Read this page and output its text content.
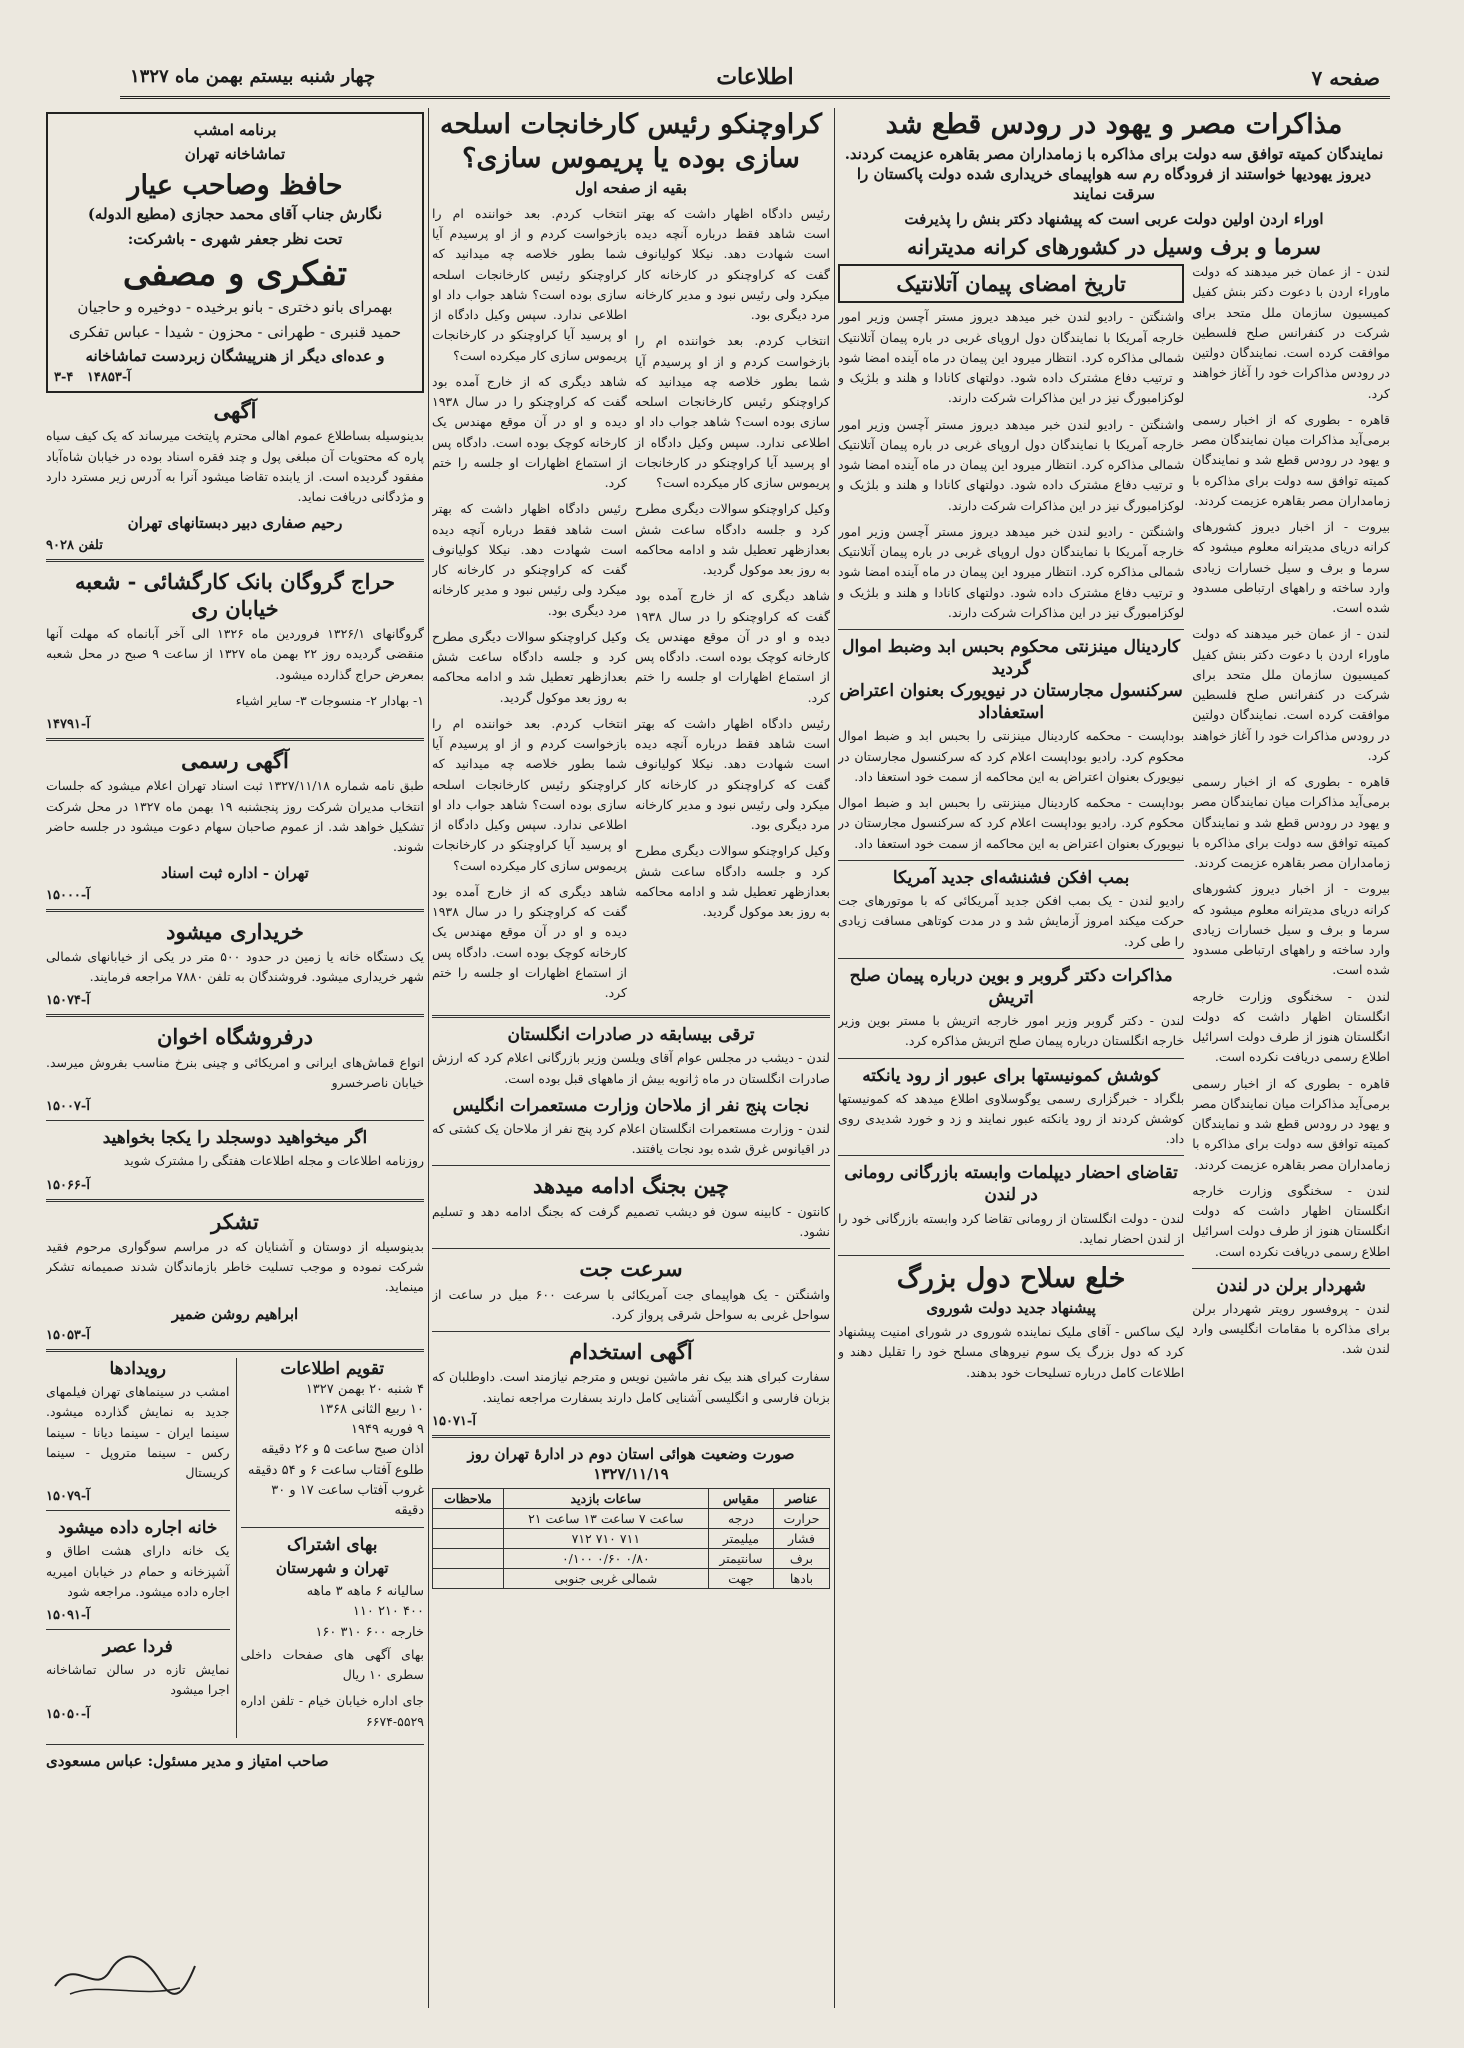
صفحه ۷
اطلاعات
چهار شنبه بیستم بهمن ماه ۱۳۲۷
مذاکرات مصر و یهود در رودس قطع شد
نمایندگان کمیته توافق سه دولت برای مذاکره با زمامداران مصر بقاهره عزیمت کردند. دیروز یهودیها خواستند از فرودگاه رم سه هواپیمای خریداری شده دولت پاکستان را سرقت نمایند
اوراء اردن اولین دولت عربی است که پیشنهاد دکتر بنش را پذیرفت
سرما و برف وسیل در کشورهای کرانه مدیترانه
لندن - از عمان خبر میدهند که دولت ماوراء اردن با دعوت دکتر بنش کفیل کمیسیون سازمان ملل متحد برای شرکت در کنفرانس صلح فلسطین موافقت کرده است. نمایندگان دولتین در رودس مذاکرات خود را آغاز خواهند کرد.
قاهره - بطوری که از اخبار رسمی برمی‌آید مذاکرات میان نمایندگان مصر و یهود در رودس قطع شد و نمایندگان کمیته توافق سه دولت برای مذاکره با زمامداران مصر بقاهره عزیمت کردند.
بیروت - از اخبار دیروز کشورهای کرانه دریای مدیترانه معلوم میشود که سرما و برف و سیل خسارات زیادی وارد ساخته و راههای ارتباطی مسدود شده است.
لندن - از عمان خبر میدهند که دولت ماوراء اردن با دعوت دکتر بنش کفیل کمیسیون سازمان ملل متحد برای شرکت در کنفرانس صلح فلسطین موافقت کرده است. نمایندگان دولتین در رودس مذاکرات خود را آغاز خواهند کرد.
قاهره - بطوری که از اخبار رسمی برمی‌آید مذاکرات میان نمایندگان مصر و یهود در رودس قطع شد و نمایندگان کمیته توافق سه دولت برای مذاکره با زمامداران مصر بقاهره عزیمت کردند.
بیروت - از اخبار دیروز کشورهای کرانه دریای مدیترانه معلوم میشود که سرما و برف و سیل خسارات زیادی وارد ساخته و راههای ارتباطی مسدود شده است.
لندن - سخنگوی وزارت خارجه انگلستان اظهار داشت که دولت انگلستان هنوز از طرف دولت اسرائیل اطلاع رسمی دریافت نکرده است.
قاهره - بطوری که از اخبار رسمی برمی‌آید مذاکرات میان نمایندگان مصر و یهود در رودس قطع شد و نمایندگان کمیته توافق سه دولت برای مذاکره با زمامداران مصر بقاهره عزیمت کردند.
لندن - سخنگوی وزارت خارجه انگلستان اظهار داشت که دولت انگلستان هنوز از طرف دولت اسرائیل اطلاع رسمی دریافت نکرده است.
شهردار برلن در لندن
لندن - پروفسور رویتر شهردار برلن برای مذاکره با مقامات انگلیسی وارد لندن شد.
تاریخ امضای پیمان آتلانتیک
واشنگتن - رادیو لندن خبر میدهد دیروز مستر آچسن وزیر امور خارجه آمریکا با نمایندگان دول اروپای غربی در باره پیمان آتلانتیک شمالی مذاکره کرد. انتظار میرود این پیمان در ماه آینده امضا شود و ترتیب دفاع مشترک داده شود. دولتهای کانادا و هلند و بلژیک و لوکزامبورگ نیز در این مذاکرات شرکت دارند.
واشنگتن - رادیو لندن خبر میدهد دیروز مستر آچسن وزیر امور خارجه آمریکا با نمایندگان دول اروپای غربی در باره پیمان آتلانتیک شمالی مذاکره کرد. انتظار میرود این پیمان در ماه آینده امضا شود و ترتیب دفاع مشترک داده شود. دولتهای کانادا و هلند و بلژیک و لوکزامبورگ نیز در این مذاکرات شرکت دارند.
واشنگتن - رادیو لندن خبر میدهد دیروز مستر آچسن وزیر امور خارجه آمریکا با نمایندگان دول اروپای غربی در باره پیمان آتلانتیک شمالی مذاکره کرد. انتظار میرود این پیمان در ماه آینده امضا شود و ترتیب دفاع مشترک داده شود. دولتهای کانادا و هلند و بلژیک و لوکزامبورگ نیز در این مذاکرات شرکت دارند.
کاردینال مینزنتی محکوم بحبس ابد وضبط اموال گردید
سرکنسول مجارستان در نیویورک بعنوان اعتراض استعفاداد
بوداپست - محکمه کاردینال مینزنتی را بحبس ابد و ضبط اموال محکوم کرد. رادیو بوداپست اعلام کرد که سرکنسول مجارستان در نیویورک بعنوان اعتراض به این محاکمه از سمت خود استعفا داد.
بوداپست - محکمه کاردینال مینزنتی را بحبس ابد و ضبط اموال محکوم کرد. رادیو بوداپست اعلام کرد که سرکنسول مجارستان در نیویورک بعنوان اعتراض به این محاکمه از سمت خود استعفا داد.
بمب افکن فشنشه‌ای جدید آمریکا
رادیو لندن - یک بمب افکن جدید آمریکائی که با موتورهای جت حرکت میکند امروز آزمایش شد و در مدت کوتاهی مسافت زیادی را طی کرد.
مذاکرات دکتر گروبر و بوین درباره پیمان صلح اتریش
لندن - دکتر گروبر وزیر امور خارجه اتریش با مستر بوین وزیر خارجه انگلستان درباره پیمان صلح اتریش مذاکره کرد.
کوشش کمونیستها برای عبور از رود یانکته
بلگراد - خبرگزاری رسمی یوگوسلاوی اطلاع میدهد که کمونیستها کوشش کردند از رود یانکته عبور نمایند و زد و خورد شدیدی روی داد.
تقاضای احضار دیپلمات وابسته بازرگانی رومانی در لندن
لندن - دولت انگلستان از رومانی تقاضا کرد وابسته بازرگانی خود را از لندن احضار نماید.
خلع سلاح دول بزرگ
پیشنهاد جدید دولت شوروی
لیک ساکس - آقای ملیک نماینده شوروی در شورای امنیت پیشنهاد کرد که دول بزرگ یک سوم نیروهای مسلح خود را تقلیل دهند و اطلاعات کامل درباره تسلیحات خود بدهند.
کراوچنکو رئیس کارخانجات اسلحه سازی بوده یا پریموس سازی؟
بقیه از صفحه اول
رئیس دادگاه اظهار داشت که بهتر است شاهد فقط درباره آنچه دیده است شهادت دهد. نیکلا کولیانوف گفت که کراوچنکو در کارخانه کار میکرد ولی رئیس نبود و مدیر کارخانه مرد دیگری بود.
انتخاب کردم. بعد خواننده ام را بازخواست کردم و از او پرسیدم آیا شما بطور خلاصه چه میدانید که کراوچنکو رئیس کارخانجات اسلحه سازی بوده است؟ شاهد جواب داد او اطلاعی ندارد. سپس وکیل دادگاه از او پرسید آیا کراوچنکو در کارخانجات پریموس سازی کار میکرده است؟
وکیل کراوچنکو سوالات دیگری مطرح کرد و جلسه دادگاه ساعت شش بعدازظهر تعطیل شد و ادامه محاکمه به روز بعد موکول گردید.
شاهد دیگری که از خارج آمده بود گفت که کراوچنکو را در سال ۱۹۳۸ دیده و او در آن موقع مهندس یک کارخانه کوچک بوده است. دادگاه پس از استماع اظهارات او جلسه را ختم کرد.
رئیس دادگاه اظهار داشت که بهتر است شاهد فقط درباره آنچه دیده است شهادت دهد. نیکلا کولیانوف گفت که کراوچنکو در کارخانه کار میکرد ولی رئیس نبود و مدیر کارخانه مرد دیگری بود.
وکیل کراوچنکو سوالات دیگری مطرح کرد و جلسه دادگاه ساعت شش بعدازظهر تعطیل شد و ادامه محاکمه به روز بعد موکول گردید.
انتخاب کردم. بعد خواننده ام را بازخواست کردم و از او پرسیدم آیا شما بطور خلاصه چه میدانید که کراوچنکو رئیس کارخانجات اسلحه سازی بوده است؟ شاهد جواب داد او اطلاعی ندارد. سپس وکیل دادگاه از او پرسید آیا کراوچنکو در کارخانجات پریموس سازی کار میکرده است؟
شاهد دیگری که از خارج آمده بود گفت که کراوچنکو را در سال ۱۹۳۸ دیده و او در آن موقع مهندس یک کارخانه کوچک بوده است. دادگاه پس از استماع اظهارات او جلسه را ختم کرد.
رئیس دادگاه اظهار داشت که بهتر است شاهد فقط درباره آنچه دیده است شهادت دهد. نیکلا کولیانوف گفت که کراوچنکو در کارخانه کار میکرد ولی رئیس نبود و مدیر کارخانه مرد دیگری بود.
وکیل کراوچنکو سوالات دیگری مطرح کرد و جلسه دادگاه ساعت شش بعدازظهر تعطیل شد و ادامه محاکمه به روز بعد موکول گردید.
انتخاب کردم. بعد خواننده ام را بازخواست کردم و از او پرسیدم آیا شما بطور خلاصه چه میدانید که کراوچنکو رئیس کارخانجات اسلحه سازی بوده است؟ شاهد جواب داد او اطلاعی ندارد. سپس وکیل دادگاه از او پرسید آیا کراوچنکو در کارخانجات پریموس سازی کار میکرده است؟
شاهد دیگری که از خارج آمده بود گفت که کراوچنکو را در سال ۱۹۳۸ دیده و او در آن موقع مهندس یک کارخانه کوچک بوده است. دادگاه پس از استماع اظهارات او جلسه را ختم کرد.
ترقی بیسابقه در صادرات انگلستان
لندن - دیشب در مجلس عوام آقای ویلسن وزیر بازرگانی اعلام کرد که ارزش صادرات انگلستان در ماه ژانویه بیش از ماههای قبل بوده است.
نجات پنج نفر از ملاحان وزارت مستعمرات انگلیس
لندن - وزارت مستعمرات انگلستان اعلام کرد پنج نفر از ملاحان یک کشتی که در اقیانوس غرق شده بود نجات یافتند.
چین بجنگ ادامه میدهد
کانتون - کابینه سون فو دیشب تصمیم گرفت که بجنگ ادامه دهد و تسلیم نشود.
سرعت جت
واشنگتن - یک هواپیمای جت آمریکائی با سرعت ۶۰۰ میل در ساعت از سواحل غربی به سواحل شرقی پرواز کرد.
آگهی استخدام
سفارت کبرای هند بیک نفر ماشین نویس و مترجم نیازمند است. داوطلبان که بزبان فارسی و انگلیسی آشنایی کامل دارند بسفارت مراجعه نمایند.
آ-۱۵۰۷۱
صورت وضعیت هوائی استان دوم در ادارهٔ تهران روز ۱۳۲۷/۱۱/۱۹
عناصر	مقیاس	ساعات بازدید	ملاحظات
حرارت	درجه	ساعت ۷ ساعت ۱۳ ساعت ۲۱	
فشار	میلیمتر	۷۱۱ ۷۱۰ ۷۱۲	
برف	سانتیمتر	۰/۸۰ ۰/۶۰ ۰/۱۰۰	
بادها	جهت	شمالی غربی جنوبی	
برنامه امشب
تماشاخانه تهران
حافظ وصاحب عیار
نگارش جناب آقای محمد حجازی (مطیع الدوله)
تحت نظر جعفر شهری - باشرکت:
تفکری و مصفی
بهمرای بانو دختری - بانو برخیده - دوخیره و حاجیان
حمید قنبری - طهرانی - محزون - شیدا - عباس تفکری
و عده‌ای دیگر از هنرپیشگان زبردست تماشاخانه
۳-۴ آ-۱۴۸۵۳
آگهی
بدینوسیله بساطلاع عموم اهالی محترم پایتخت میرساند که یک کیف سیاه پاره که محتویات آن مبلغی پول و چند فقره اسناد بوده در خیابان شاه‌آباد مفقود گردیده است. از یابنده تقاضا میشود آنرا به آدرس زیر مسترد دارد و مژدگانی دریافت نماید.
رحیم صفاری دبیر دبستانهای تهران
تلفن ۹۰۲۸
حراج گروگان بانک کارگشائی - شعبه خیابان ری
گروگانهای ۱۳۲۶/۱ فروردین ماه ۱۳۲۶ الی آخر آبانماه که مهلت آنها منقضی گردیده روز ۲۲ بهمن ماه ۱۳۲۷ از ساعت ۹ صبح در محل شعبه بمعرض حراج گذارده میشود.
۱- بهادار ۲- منسوجات ۳- سایر اشیاء
آ-۱۴۷۹۱
آگهی رسمی
طبق نامه شماره ۱۳۲۷/۱۱/۱۸ ثبت اسناد تهران اعلام میشود که جلسات انتخاب مدیران شرکت روز پنجشنبه ۱۹ بهمن ماه ۱۳۲۷ در محل شرکت تشکیل خواهد شد. از عموم صاحبان سهام دعوت میشود در جلسه حاضر شوند.
تهران - اداره ثبت اسناد
آ-۱۵۰۰۰
خریداری میشود
یک دستگاه خانه یا زمین در حدود ۵۰۰ متر در یکی از خیابانهای شمالی شهر خریداری میشود. فروشندگان به تلفن ۷۸۸۰ مراجعه فرمایند.
آ-۱۵۰۷۴
درفروشگاه اخوان
انواع قماش‌های ایرانی و امریکائی و چینی بنرخ مناسب بفروش میرسد. خیابان ناصرخسرو
آ-۱۵۰۰۷
اگر میخواهید دوسجلد را یکجا بخواهید
روزنامه اطلاعات و مجله اطلاعات هفتگی را مشترک شوید
آ-۱۵۰۶۶
تشکر
بدینوسیله از دوستان و آشنایان که در مراسم سوگواری مرحوم فقید شرکت نموده و موجب تسلیت خاطر بازماندگان شدند صمیمانه تشکر مینماید.
ابراهیم روشن ضمیر
آ-۱۵۰۵۳
تقویم اطلاعات
۴ شنبه ۲۰ بهمن ۱۳۲۷
۱۰ ربیع الثانی ۱۳۶۸
۹ فوریه ۱۹۴۹
اذان صبح ساعت ۵ و ۲۶ دقیقه
طلوع آفتاب ساعت ۶ و ۵۴ دقیقه
غروب آفتاب ساعت ۱۷ و ۳۰ دقیقه
بهای اشتراک
تهران و شهرستان
سالیانه ۶ ماهه ۳ ماهه
۴۰۰ ۲۱۰ ۱۱۰
خارجه ۶۰۰ ۳۱۰ ۱۶۰
بهای آگهی های صفحات داخلی سطری ۱۰ ریال
جای اداره خیابان خیام - تلفن اداره ۵۵۲۹-۶۶۷۴
رویدادها
امشب در سینماهای تهران فیلمهای جدید به نمایش گذارده میشود. سینما ایران - سینما دیانا - سینما رکس - سینما متروپل - سینما کریستال
آ-۱۵۰۷۹
خانه اجاره داده میشود
یک خانه دارای هشت اطاق و آشپزخانه و حمام در خیابان امیریه اجاره داده میشود. مراجعه شود
آ-۱۵۰۹۱
فردا عصر
نمایش تازه در سالن تماشاخانه اجرا میشود
آ-۱۵۰۵۰
صاحب امتیاز و مدیر مسئول: عباس مسعودی
